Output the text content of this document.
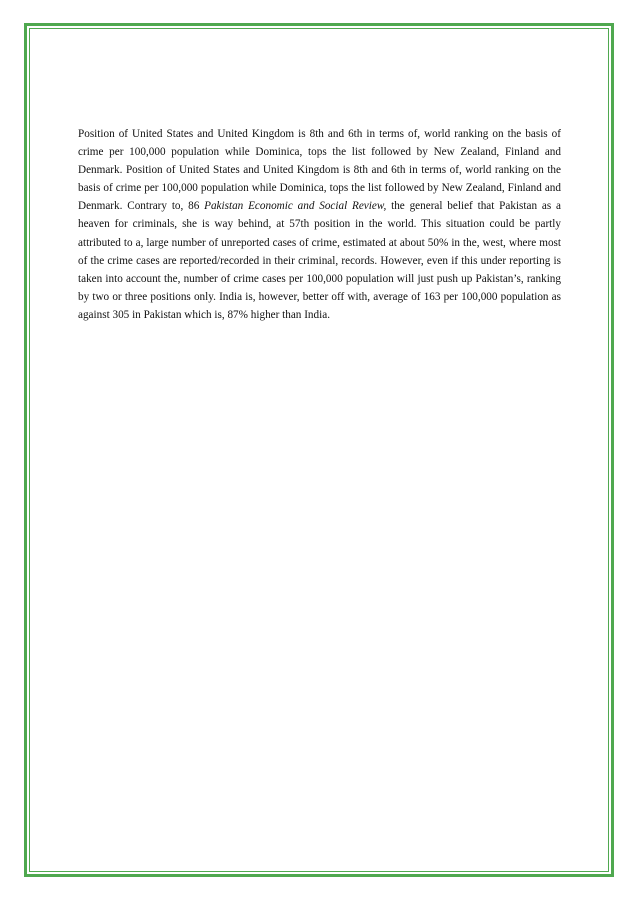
Position of United States and United Kingdom is 8th and 6th in terms of, world ranking on the basis of crime per 100,000 population while Dominica, tops the list followed by New Zealand, Finland and Denmark. Position of United States and United Kingdom is 8th and 6th in terms of, world ranking on the basis of crime per 100,000 population while Dominica, tops the list followed by New Zealand, Finland and Denmark. Contrary to, 86 Pakistan Economic and Social Review, the general belief that Pakistan as a heaven for criminals, she is way behind, at 57th position in the world. This situation could be partly attributed to a, large number of unreported cases of crime, estimated at about 50% in the, west, where most of the crime cases are reported/recorded in their criminal, records. However, even if this under reporting is taken into account the, number of crime cases per 100,000 population will just push up Pakistan’s, ranking by two or three positions only. India is, however, better off with, average of 163 per 100,000 population as against 305 in Pakistan which is, 87% higher than India.
